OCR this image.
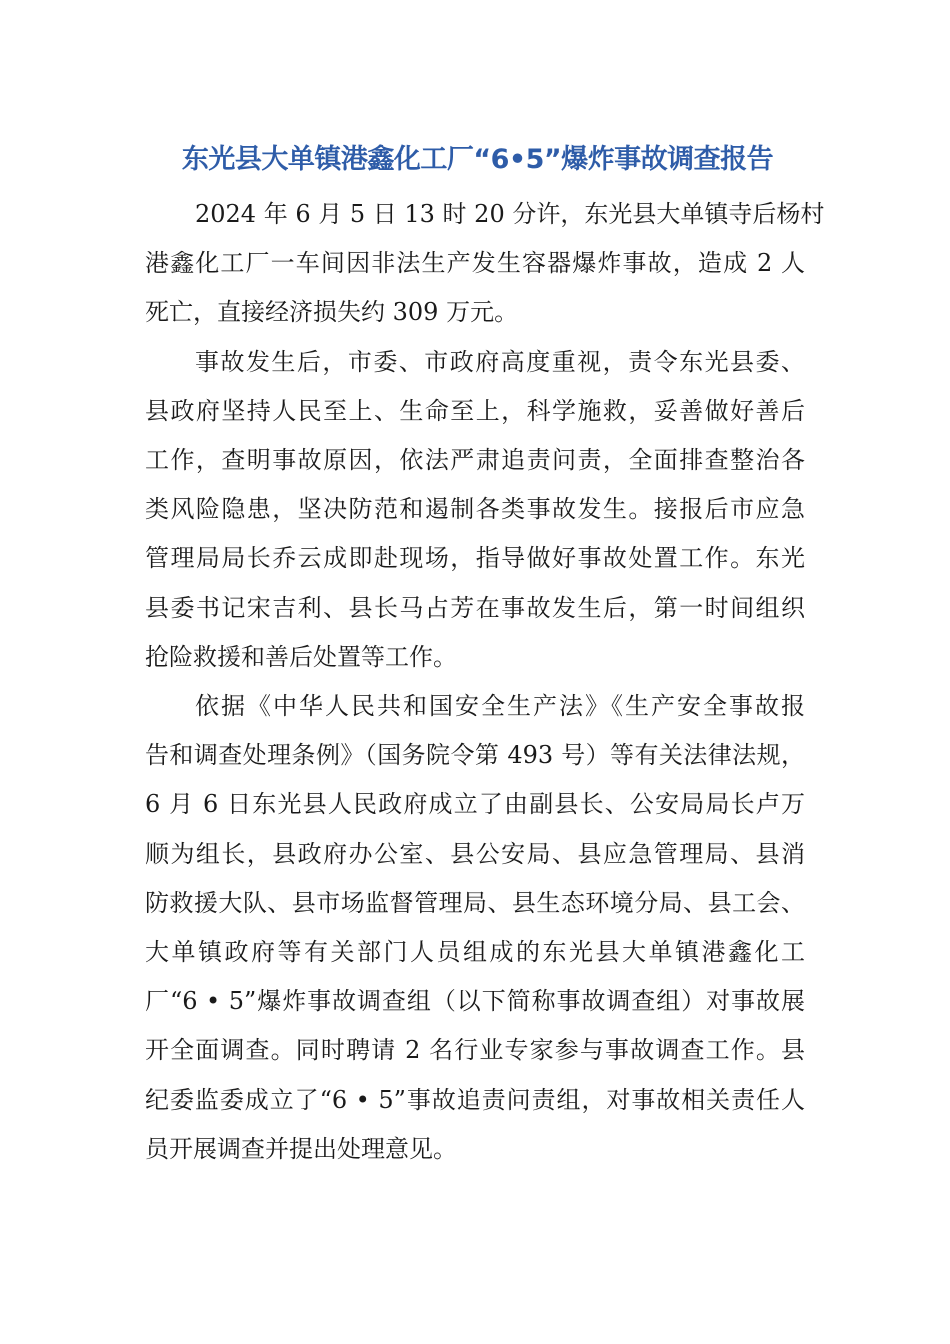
东光县大单镇港鑫化工厂“6•5”爆炸事故调查报告
2024 年 6 月 5 日 13 时 20 分许，东光县大单镇寺后杨村
港鑫化工厂一车间因非法生产发生容器爆炸事故，造成 2 人
死亡，直接经济损失约 309 万元。
事故发生后，市委、市政府高度重视，责令东光县委、
县政府坚持人民至上、生命至上，科学施救，妥善做好善后
工作，查明事故原因，依法严肃追责问责，全面排查整治各
类风险隐患，坚决防范和遏制各类事故发生。接报后市应急
管理局局长乔云成即赴现场，指导做好事故处置工作。东光
县委书记宋吉利、县长马占芳在事故发生后，第一时间组织
抢险救援和善后处置等工作。
依据《中华人民共和国安全生产法》《生产安全事故报
告和调查处理条例》（国务院令第 493 号）等有关法律法规，
6 月 6 日东光县人民政府成立了由副县长、公安局局长卢万
顺为组长，县政府办公室、县公安局、县应急管理局、县消
防救援大队、县市场监督管理局、县生态环境分局、县工会、
大单镇政府等有关部门人员组成的东光县大单镇港鑫化工
厂“6 • 5”爆炸事故调查组（以下简称事故调查组）对事故展
开全面调查。同时聘请 2 名行业专家参与事故调查工作。县
纪委监委成立了“6 • 5”事故追责问责组，对事故相关责任人
员开展调查并提出处理意见。
